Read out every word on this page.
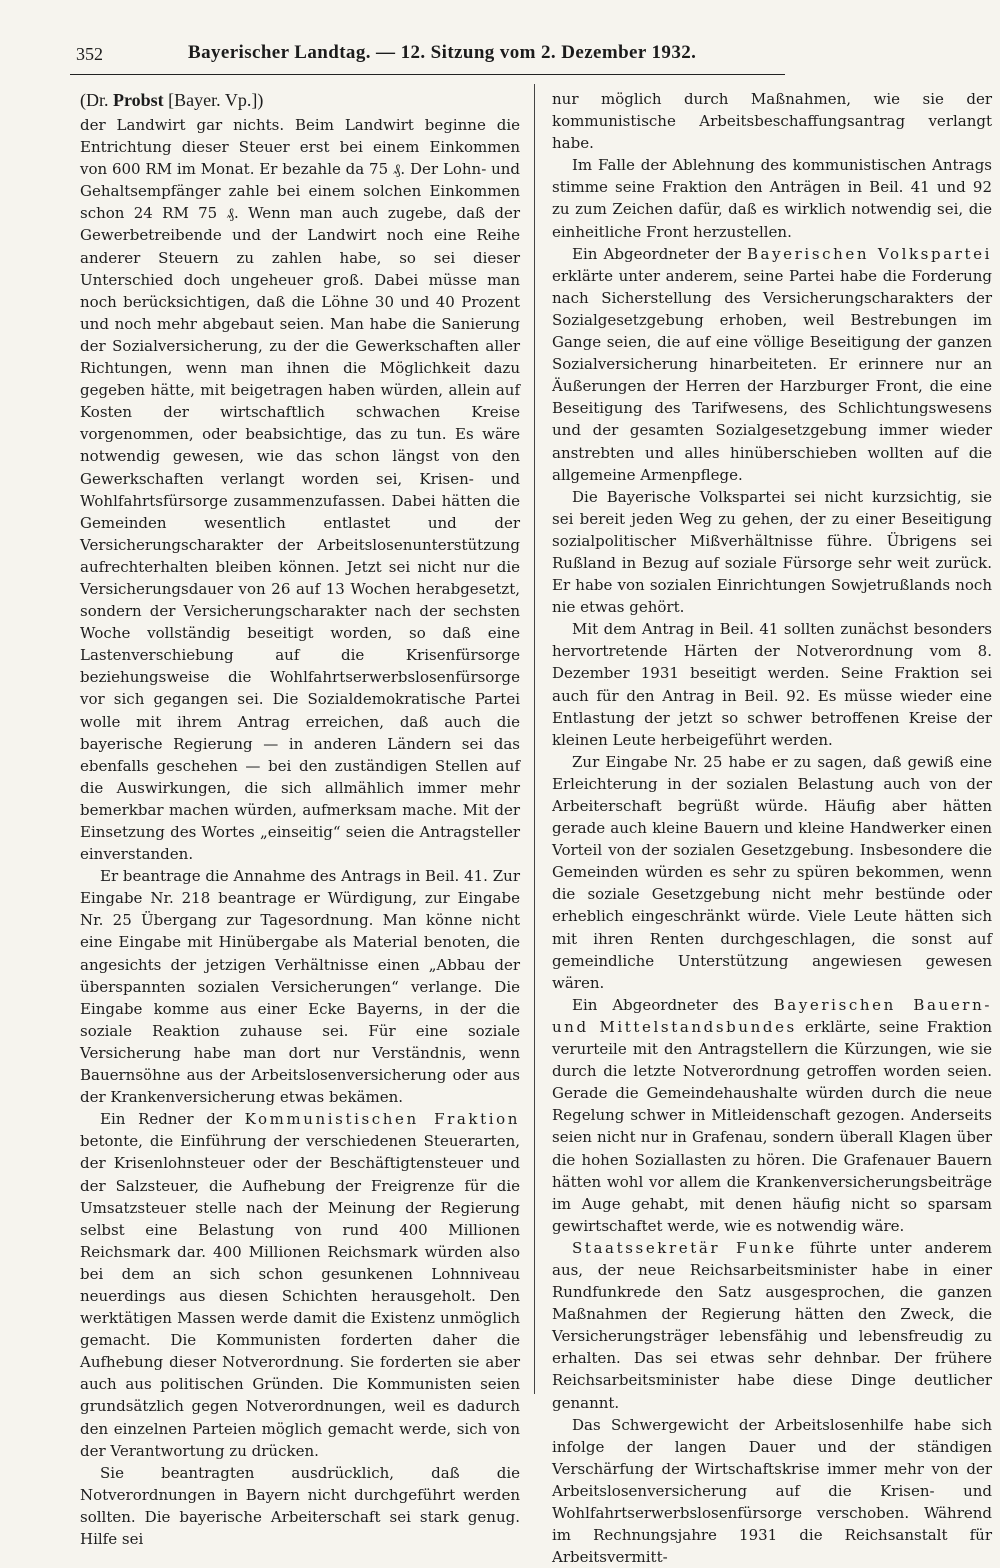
352	Bayerischer Landtag. — 12. Sitzung vom 2. Dezember 1932.
(Dr. Probst [Bayer. Vp.])

der Landwirt gar nichts. Beim Landwirt beginne die Entrichtung dieser Steuer erst bei einem Einkommen von 600 RM im Monat. Er bezahle da 75 ₰. Der Lohn- und Gehaltsempfänger zahle bei einem solchen Einkommen schon 24 RM 75 ₰. Wenn man auch zugebe, daß der Gewerbetreibende und der Landwirt noch eine Reihe anderer Steuern zu zahlen habe, so sei dieser Unterschied doch ungeheuer groß. Dabei müsse man noch berücksichtigen, daß die Löhne 30 und 40 Prozent und noch mehr abgebaut seien. Man habe die Sanierung der Sozialversicherung, zu der die Gewerkschaften aller Richtungen, wenn man ihnen die Möglichkeit dazu gegeben hätte, mit beigetragen haben würden, allein auf Kosten der wirtschaftlich schwachen Kreise vorgenommen, oder beabsichtige, das zu tun. Es wäre notwendig gewesen, wie das schon längst von den Gewerkschaften verlangt worden sei, Krisen- und Wohlfahrtsfürsorge zusammenzufassen. Dabei hätten die Gemeinden wesentlich entlastet und der Versicherungscharakter der Arbeitslosenunterstützung aufrechterhalten bleiben können. Jetzt sei nicht nur die Versicherungsdauer von 26 auf 13 Wochen herabgesetzt, sondern der Versicherungscharakter nach der sechsten Woche vollständig beseitigt worden, so daß eine Lastenverschiebung auf die Krisenfürsorge beziehungsweise die Wohlfahrtserwerbslosenfürsorge vor sich gegangen sei. Die Sozialdemokratische Partei wolle mit ihrem Antrag erreichen, daß auch die bayerische Regierung — in anderen Ländern sei das ebenfalls geschehen — bei den zuständigen Stellen auf die Auswirkungen, die sich allmählich immer mehr bemerkbar machen würden, aufmerksam mache. Mit der Einsetzung des Wortes „einseitig“ seien die Antragsteller einverstanden.

Er beantrage die Annahme des Antrags in Beil. 41. Zur Eingabe Nr. 218 beantrage er Würdigung, zur Eingabe Nr. 25 Übergang zur Tagesordnung. Man könne nicht eine Eingabe mit Hinübergabe als Material benoten, die angesichts der jetzigen Verhältnisse einen „Abbau der überspannten sozialen Versicherungen“ verlange. Die Eingabe komme aus einer Ecke Bayerns, in der die soziale Reaktion zuhause sei. Für eine soziale Versicherung habe man dort nur Verständnis, wenn Bauernsöhne aus der Arbeitslosenversicherung oder aus der Krankenversicherung etwas bekämen.

Ein Redner der Kommunistischen Fraktion betonte, die Einführung der verschiedenen Steuerarten, der Krisenlohnsteuer oder der Beschäftigtensteuer und der Salzsteuer, die Aufhebung der Freigrenze für die Umsatzsteuer stelle nach der Meinung der Regierung selbst eine Belastung von rund 400 Millionen Reichsmark dar. 400 Millionen Reichsmark würden also bei dem an sich schon gesunkenen Lohnniveau neuerdings aus diesen Schichten herausgeholt. Den werktätigen Massen werde damit die Existenz unmöglich gemacht. Die Kommunisten forderten daher die Aufhebung dieser Notverordnung. Sie forderten sie aber auch aus politischen Gründen. Die Kommunisten seien grundsätzlich gegen Notverordnungen, weil es dadurch den einzelnen Parteien möglich gemacht werde, sich von der Verantwortung zu drücken.

Sie beantragten ausdrücklich, daß die Notverordnungen in Bayern nicht durchgeführt werden sollten. Die bayerische Arbeiterschaft sei stark genug. Hilfe sei

nur möglich durch Maßnahmen, wie sie der kommunistische Arbeitsbeschaffungsantrag verlangt habe.

Im Falle der Ablehnung des kommunistischen Antrags stimme seine Fraktion den Anträgen in Beil. 41 und 92 zu zum Zeichen dafür, daß es wirklich notwendig sei, die einheitliche Front herzustellen.

Ein Abgeordneter der Bayerischen Volkspartei erklärte unter anderem, seine Partei habe die Forderung nach Sicherstellung des Versicherungscharakters der Sozialgesetzgebung erhoben, weil Bestrebungen im Gange seien, die auf eine völlige Beseitigung der ganzen Sozialversicherung hinarbeiteten. Er erinnere nur an Äußerungen der Herren der Harzburger Front, die eine Beseitigung des Tarifwesens, des Schlichtungswesens und der gesamten Sozialgesetzgebung immer wieder anstrebten und alles hinüberschieben wollten auf die allgemeine Armenpflege.

Die Bayerische Volkspartei sei nicht kurzsichtig, sie sei bereit jeden Weg zu gehen, der zu einer Beseitigung sozialpolitischer Mißverhältnisse führe. Übrigens sei Rußland in Bezug auf soziale Fürsorge sehr weit zurück. Er habe von sozialen Einrichtungen Sowjetrußlands noch nie etwas gehört.

Mit dem Antrag in Beil. 41 sollten zunächst besonders hervortretende Härten der Notverordnung vom 8. Dezember 1931 beseitigt werden. Seine Fraktion sei auch für den Antrag in Beil. 92. Es müsse wieder eine Entlastung der jetzt so schwer betroffenen Kreise der kleinen Leute herbeigeführt werden.

Zur Eingabe Nr. 25 habe er zu sagen, daß gewiß eine Erleichterung in der sozialen Belastung auch von der Arbeiterschaft begrüßt würde. Häufig aber hätten gerade auch kleine Bauern und kleine Handwerker einen Vorteil von der sozialen Gesetzgebung. Insbesondere die Gemeinden würden es sehr zu spüren bekommen, wenn die soziale Gesetzgebung nicht mehr bestünde oder erheblich eingeschränkt würde. Viele Leute hätten sich mit ihren Renten durchgeschlagen, die sonst auf gemeindliche Unterstützung angewiesen gewesen wären.

Ein Abgeordneter des Bayerischen Bauern- und Mittelstandsbundes erklärte, seine Fraktion verurteile mit den Antragstellern die Kürzungen, wie sie durch die letzte Notverordnung getroffen worden seien. Gerade die Gemeindehaushalte würden durch die neue Regelung schwer in Mitleidenschaft gezogen. Anderseits seien nicht nur in Grafenau, sondern überall Klagen über die hohen Soziallasten zu hören. Die Grafenauer Bauern hätten wohl vor allem die Krankenversicherungsbeiträge im Auge gehabt, mit denen häufig nicht so sparsam gewirtschaftet werde, wie es notwendig wäre.

Staatssekretär Funke führte unter anderem aus, der neue Reichsarbeitsminister habe in einer Rundfunkrede den Satz ausgesprochen, die ganzen Maßnahmen der Regierung hätten den Zweck, die Versicherungsträger lebensfähig und lebensfreudig zu erhalten. Das sei etwas sehr dehnbar. Der frühere Reichsarbeitsminister habe diese Dinge deutlicher genannt.

Das Schwergewicht der Arbeitslosenhilfe habe sich infolge der langen Dauer und der ständigen Verschärfung der Wirtschaftskrise immer mehr von der Arbeitslosenversicherung auf die Krisen- und Wohlfahrtserwerbslosenfürsorge verschoben. Während im Rechnungsjahre 1931 die Reichsanstalt für Arbeitsvermitt-
